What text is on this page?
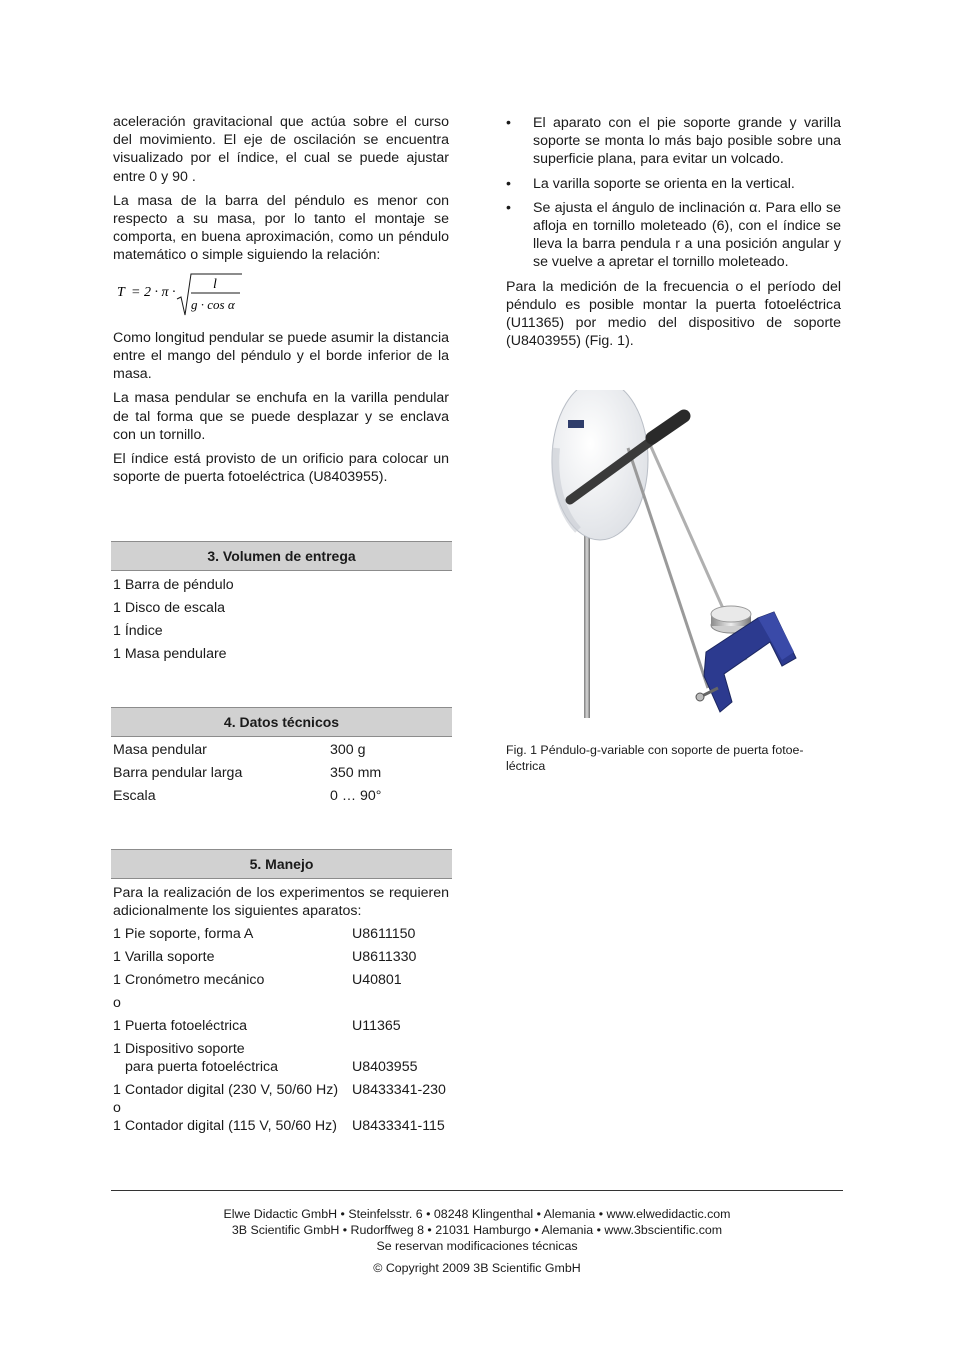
aceleración gravitacional que actúa sobre el curso del movimiento. El eje de oscilación se encuentra visualizado por el índice, el cual se puede ajustar entre 0 y 90 .

La masa de la barra del péndulo es menor con respecto a su masa, por lo tanto el montaje se comporta, en buena aproximación, como un péndulo matemático o simple siguiendo la relación:

T = 2 · π ·
l
g · cos α

Como longitud pendular se puede asumir la distancia entre el mango del péndulo y el borde inferior de la masa.

La masa pendular se enchufa en la varilla pendular de tal forma que se puede desplazar y se enclava con un tornillo.

El índice está provisto de un orificio para colocar un soporte de puerta fotoeléctrica (U8403955).

3. Volumen de entrega
1 Barra de péndulo
1 Disco de escala
1 Índice
1 Masa pendulare
4. Datos técnicos
Masa pendular	300 g
Barra pendular larga	350 mm
Escala	0 … 90°
5. Manejo

Para la realización de los experimentos se requieren adicionalmente los siguientes aparatos:

1 Pie soporte, forma A	U8611150
1 Varilla soporte	U8611330
1 Cronómetro mecánico	U40801
o
1 Puerta fotoeléctrica	U11365
1 Dispositivo soporte
para puerta fotoeléctrica	U8403955
1 Contador digital (230 V, 50/60 Hz) U8433341-230
o
1 Contador digital (115 V, 50/60 Hz) U8433341-115
• El aparato con el pie soporte grande y varilla soporte se monta lo más bajo posible sobre una superficie plana, para evitar un volcado.
• La varilla soporte se orienta en la vertical.
• Se ajusta el ángulo de inclinación α. Para ello se afloja en tornillo moleteado (6), con el índice se lleva la barra pendula r a una posición angular y se vuelve a apretar el tornillo moleteado.

Para la medición de la frecuencia o el período del péndulo es posible montar la puerta fotoeléctrica (U11365) por medio del dispositivo de soporte (U8403955) (Fig. 1).

Fig. 1 Péndulo-g-variable con soporte de puerta fotoe-léctrica
Elwe Didactic GmbH • Steinfelsstr. 6 • 08248 Klingenthal • Alemania • www.elwedidactic.com
3B Scientific GmbH • Rudorffweg 8 • 21031 Hamburgo • Alemania • www.3bscientific.com
Se reservan modificaciones técnicas
© Copyright 2009 3B Scientific GmbH
